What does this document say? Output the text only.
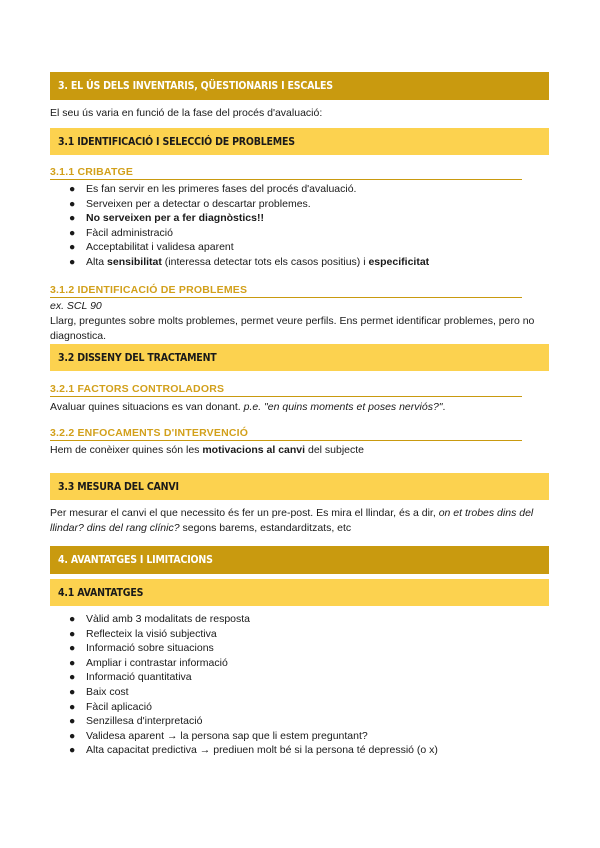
3. EL ÚS DELS INVENTARIS, QÜESTIONARIS I ESCALES

El seu ús varia en funció de la fase del procés d'avaluació:

3.1 IDENTIFICACIÓ I SELECCIÓ DE PROBLEMES
3.1.1 CRIBATGE
● Es fan servir en les primeres fases del procés d'avaluació.
● Serveixen per a detectar o descartar problemes.
● No serveixen per a fer diagnòstics!!
● Fàcil administració
● Acceptabilitat i validesa aparent
● Alta sensibilitat (interessa detectar tots els casos positius) i especificitat
3.1.2 IDENTIFICACIÓ DE PROBLEMES

ex. SCL 90

Llarg, preguntes sobre molts problemes, permet veure perfils. Ens permet identificar problemes, pero no diagnostica.

3.2 DISSENY DEL TRACTAMENT
3.2.1 FACTORS CONTROLADORS

Avaluar quines situacions es van donant. p.e. "en quins moments et poses nerviós?".

3.2.2 ENFOCAMENTS D'INTERVENCIÓ

Hem de conèixer quines són les motivacions al canvi del subjecte

3.3 MESURA DEL CANVI

Per mesurar el canvi el que necessito és fer un pre-post. Es mira el llindar, és a dir, on et trobes dins del llindar? dins del rang clínic? segons barems, estandarditzats, etc

4. AVANTATGES I LIMITACIONS
4.1 AVANTATGES
● Vàlid amb 3 modalitats de resposta
● Reflecteix la visió subjectiva
● Informació sobre situacions
● Ampliar i contrastar informació
● Informació quantitativa
● Baix cost
● Fàcil aplicació
● Senzillesa d'interpretació
● Validesa aparent → la persona sap que li estem preguntant?
● Alta capacitat predictiva → prediuen molt bé si la persona té depressió (o x)
